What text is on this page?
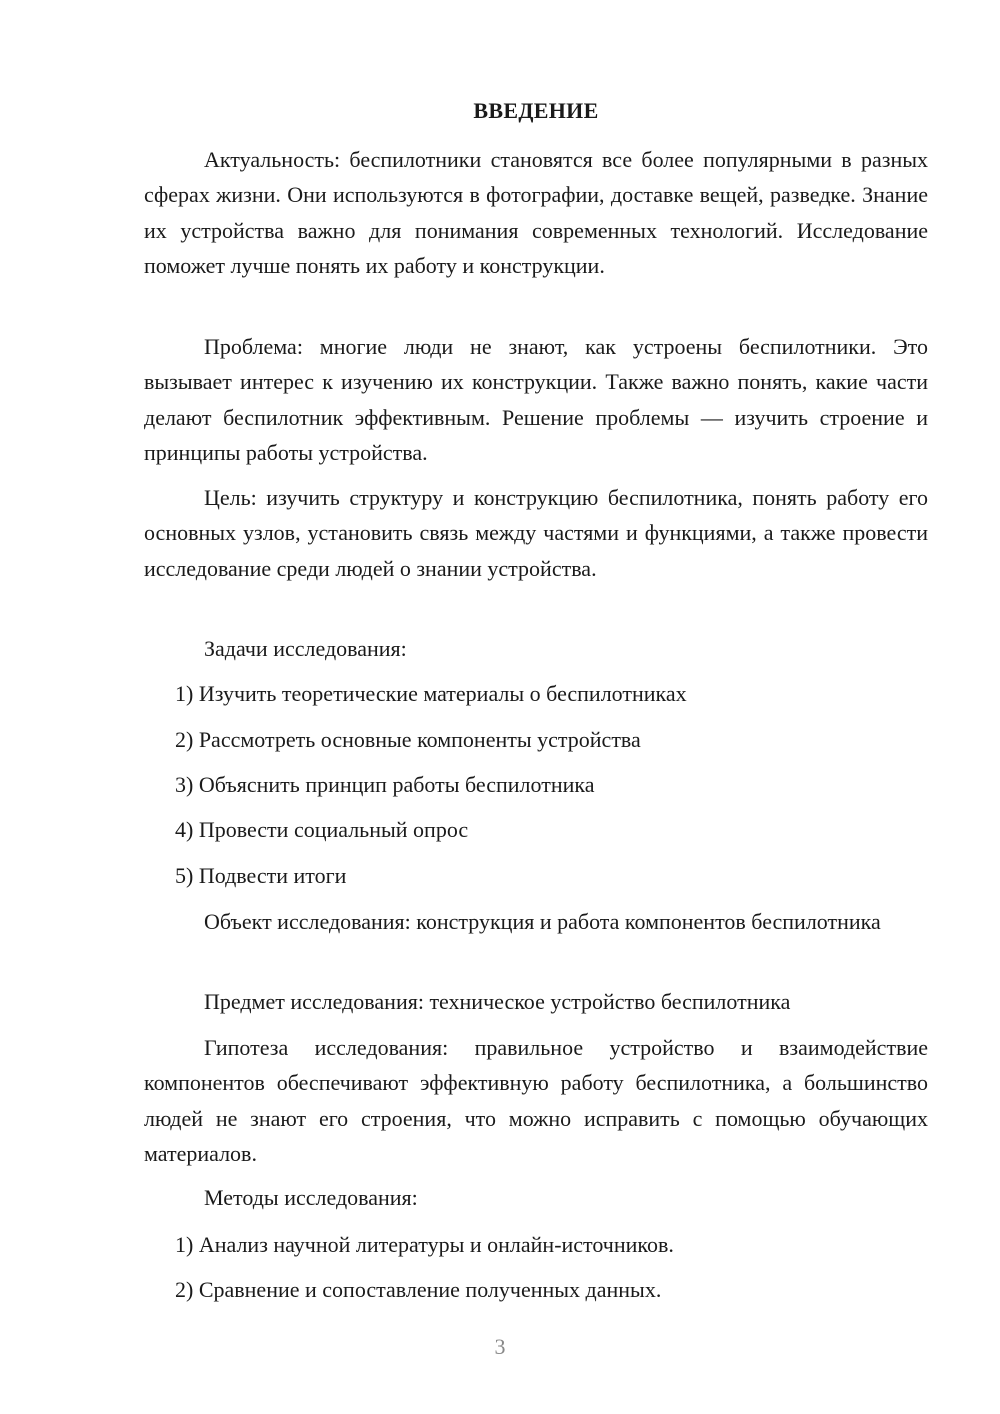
ВВЕДЕНИЕ

Актуальность: беспилотники становятся все более популярными в разных сферах жизни. Они используются в фотографии, доставке вещей, разведке. Знание их устройства важно для понимания современных технологий. Исследование поможет лучше понять их работу и конструкции.

Проблема: многие люди не знают, как устроены беспилотники. Это вызывает интерес к изучению их конструкции. Также важно понять, какие части делают беспилотник эффективным. Решение проблемы — изучить строение и принципы работы устройства.

Цель: изучить структуру и конструкцию беспилотника, понять работу его основных узлов, установить связь между частями и функциями, а также провести исследование среди людей о знании устройства.

Задачи исследования:

1) Изучить теоретические материалы о беспилотниках

2) Рассмотреть основные компоненты устройства

3) Объяснить принцип работы беспилотника

4) Провести социальный опрос

5) Подвести итоги

Объект исследования: конструкция и работа компонентов беспилотника

Предмет исследования: техническое устройство беспилотника

Гипотеза исследования: правильное устройство и взаимодействие компонентов обеспечивают эффективную работу беспилотника, а большинство людей не знают его строения, что можно исправить с помощью обучающих материалов.

Методы исследования:

1) Анализ научной литературы и онлайн-источников.

2) Сравнение и сопоставление полученных данных.

3
